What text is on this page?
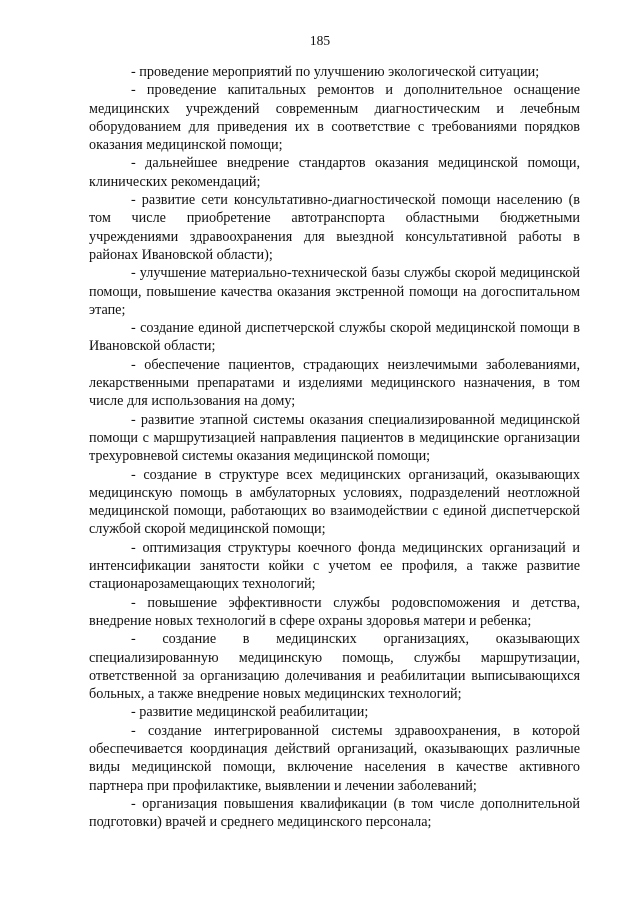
185

- проведение мероприятий по улучшению экологической ситуации;

- проведение капитальных ремонтов и дополнительное оснащение медицинских учреждений современным диагностическим и лечебным оборудованием для приведения их в соответствие с требованиями порядков оказания медицинской помощи;

- дальнейшее внедрение стандартов оказания медицинской помощи, клинических рекомендаций;

- развитие сети консультативно-диагностической помощи населению (в том числе приобретение автотранспорта областными бюджетными учреждениями здравоохранения для выездной консультативной работы в районах Ивановской области);

- улучшение материально-технической базы службы скорой медицинской помощи, повышение качества оказания экстренной помощи на догоспитальном этапе;

- создание единой диспетчерской службы скорой медицинской помощи в Ивановской области;

- обеспечение пациентов, страдающих неизлечимыми заболеваниями, лекарственными препаратами и изделиями медицинского назначения, в том числе для использования на дому;

- развитие этапной системы оказания специализированной медицинской помощи с маршрутизацией направления пациентов в медицинские организации трехуровневой системы оказания медицинской помощи;

- создание в структуре всех медицинских организаций, оказывающих медицинскую помощь в амбулаторных условиях, подразделений неотложной медицинской помощи, работающих во взаимодействии с единой диспетчерской службой скорой медицинской помощи;

- оптимизация структуры коечного фонда медицинских организаций и интенсификации занятости койки с учетом ее профиля, а также развитие стационарозамещающих технологий;

- повышение эффективности службы родовспоможения и детства, внедрение новых технологий в сфере охраны здоровья матери и ребенка;

- создание в медицинских организациях, оказывающих специализированную медицинскую помощь, службы маршрутизации, ответственной за организацию долечивания и реабилитации выписывающихся больных, а также внедрение новых медицинских технологий;

- развитие медицинской реабилитации;

- создание интегрированной системы здравоохранения, в которой обеспечивается координация действий организаций, оказывающих различные виды медицинской помощи, включение населения в качестве активного партнера при профилактике, выявлении и лечении заболеваний;

- организация повышения квалификации (в том числе дополнительной подготовки) врачей и среднего медицинского персонала;
